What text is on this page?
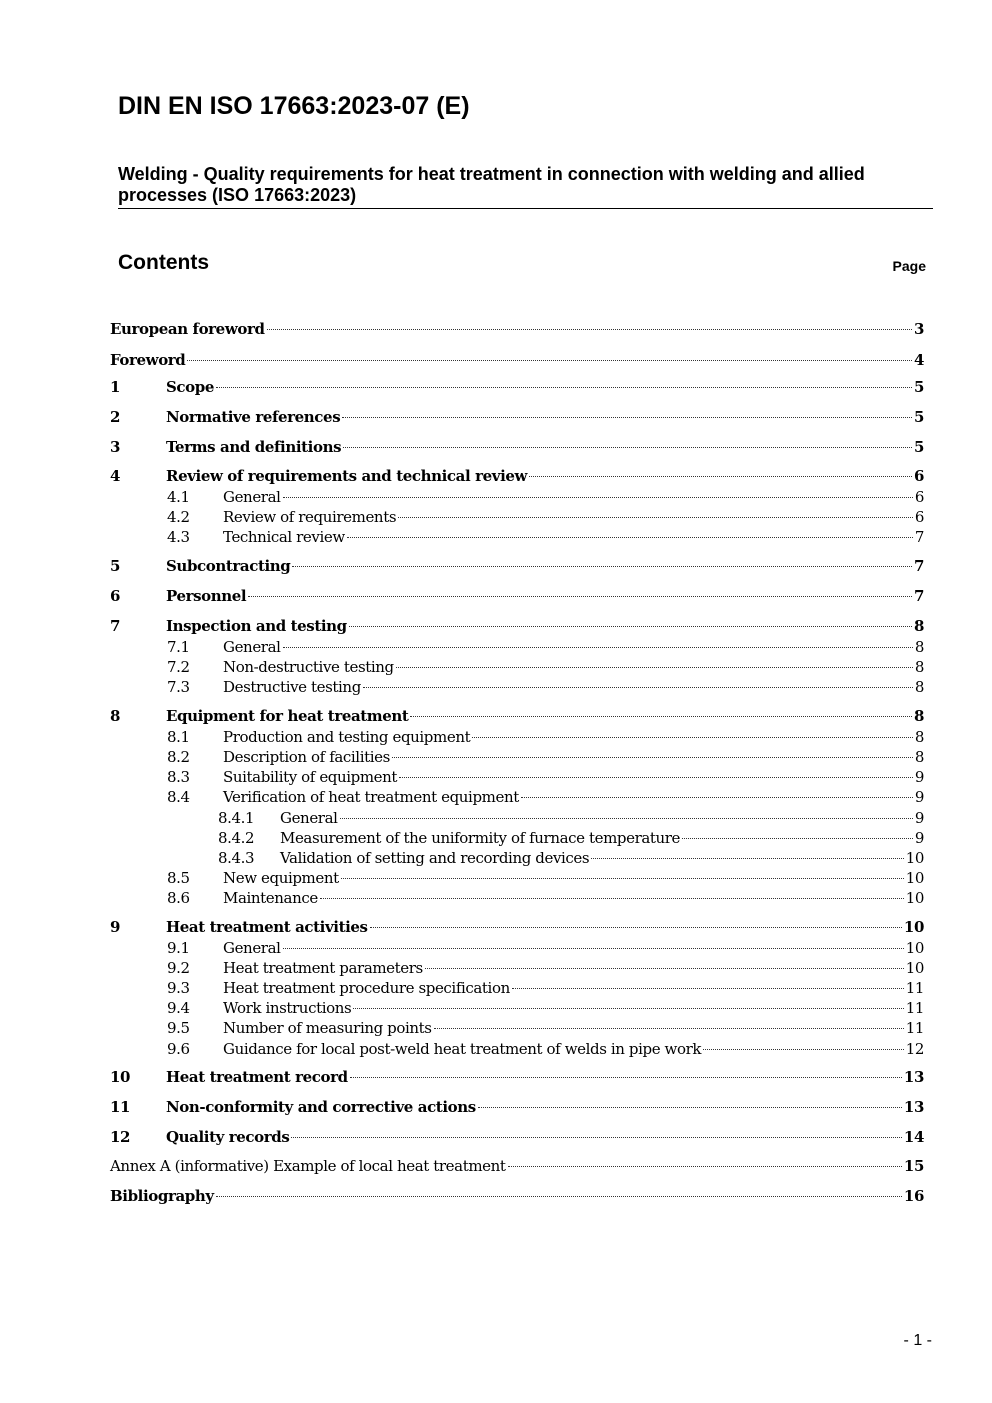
DIN EN ISO 17663:2023-07 (E)
Welding - Quality requirements for heat treatment in connection with welding and allied processes (ISO 17663:2023)
Contents	Page
European foreword	3
Foreword	4
1	Scope	5
2	Normative references	5
3	Terms and definitions	5
4	Review of requirements and technical review	6
4.1	General	6
4.2	Review of requirements	6
4.3	Technical review	7
5	Subcontracting	7
6	Personnel	7
7	Inspection and testing	8
7.1	General	8
7.2	Non-destructive testing	8
7.3	Destructive testing	8
8	Equipment for heat treatment	8
8.1	Production and testing equipment	8
8.2	Description of facilities	8
8.3	Suitability of equipment	9
8.4	Verification of heat treatment equipment	9
8.4.1	General	9
8.4.2	Measurement of the uniformity of furnace temperature	9
8.4.3	Validation of setting and recording devices	10
8.5	New equipment	10
8.6	Maintenance	10
9	Heat treatment activities	10
9.1	General	10
9.2	Heat treatment parameters	10
9.3	Heat treatment procedure specification	11
9.4	Work instructions	11
9.5	Number of measuring points	11
9.6	Guidance for local post-weld heat treatment of welds in pipe work	12
10	Heat treatment record	13
11	Non-conformity and corrective actions	13
12	Quality records	14
Annex A (informative) Example of local heat treatment	15
Bibliography	16
- 1 -
